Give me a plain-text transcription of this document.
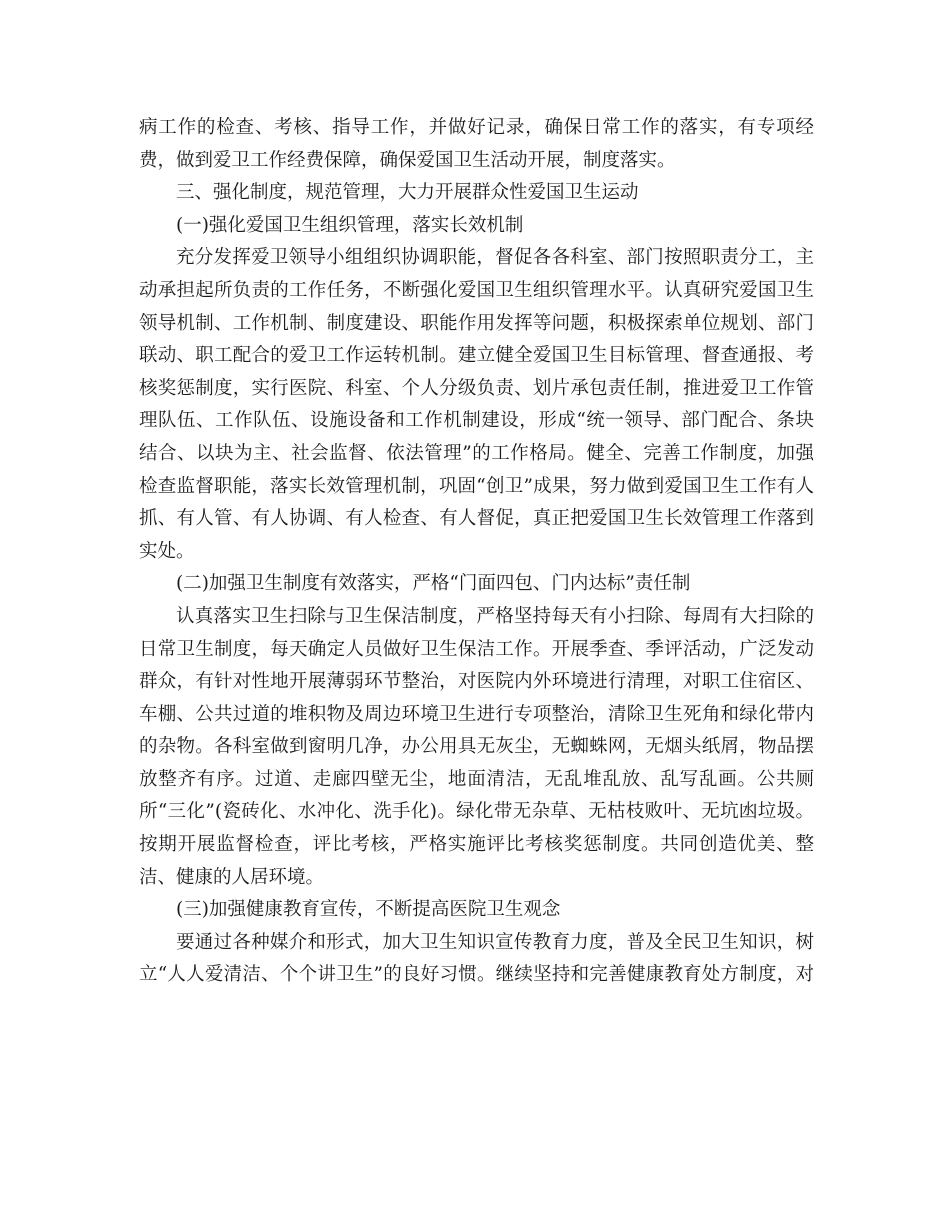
病工作的检查、考核、指导工作，并做好记录，确保日常工作的落实，有专项经费，做到爱卫工作经费保障，确保爱国卫生活动开展，制度落实。

三、强化制度，规范管理，大力开展群众性爱国卫生运动

(一)强化爱国卫生组织管理，落实长效机制

充分发挥爱卫领导小组组织协调职能，督促各各科室、部门按照职责分工，主动承担起所负责的工作任务，不断强化爱国卫生组织管理水平。认真研究爱国卫生领导机制、工作机制、制度建设、职能作用发挥等问题，积极探索单位规划、部门联动、职工配合的爱卫工作运转机制。建立健全爱国卫生目标管理、督查通报、考核奖惩制度，实行医院、科室、个人分级负责、划片承包责任制，推进爱卫工作管理队伍、工作队伍、设施设备和工作机制建设，形成“统一领导、部门配合、条块结合、以块为主、社会监督、依法管理”的工作格局。健全、完善工作制度，加强检查监督职能，落实长效管理机制，巩固“创卫”成果，努力做到爱国卫生工作有人抓、有人管、有人协调、有人检查、有人督促，真正把爱国卫生长效管理工作落到实处。

(二)加强卫生制度有效落实，严格“门面四包、门内达标”责任制

认真落实卫生扫除与卫生保洁制度，严格坚持每天有小扫除、每周有大扫除的日常卫生制度，每天确定人员做好卫生保洁工作。开展季查、季评活动，广泛发动群众，有针对性地开展薄弱环节整治，对医院内外环境进行清理，对职工住宿区、车棚、公共过道的堆积物及周边环境卫生进行专项整治，清除卫生死角和绿化带内的杂物。各科室做到窗明几净，办公用具无灰尘，无蜘蛛网，无烟头纸屑，物品摆放整齐有序。过道、走廊四壁无尘，地面清洁，无乱堆乱放、乱写乱画。公共厕所“三化”(瓷砖化、水冲化、洗手化)。绿化带无杂草、无枯枝败叶、无坑凼垃圾。按期开展监督检查，评比考核，严格实施评比考核奖惩制度。共同创造优美、整洁、健康的人居环境。

(三)加强健康教育宣传，不断提高医院卫生观念

要通过各种媒介和形式，加大卫生知识宣传教育力度，普及全民卫生知识，树立“人人爱清洁、个个讲卫生”的良好习惯。继续坚持和完善健康教育处方制度，对
